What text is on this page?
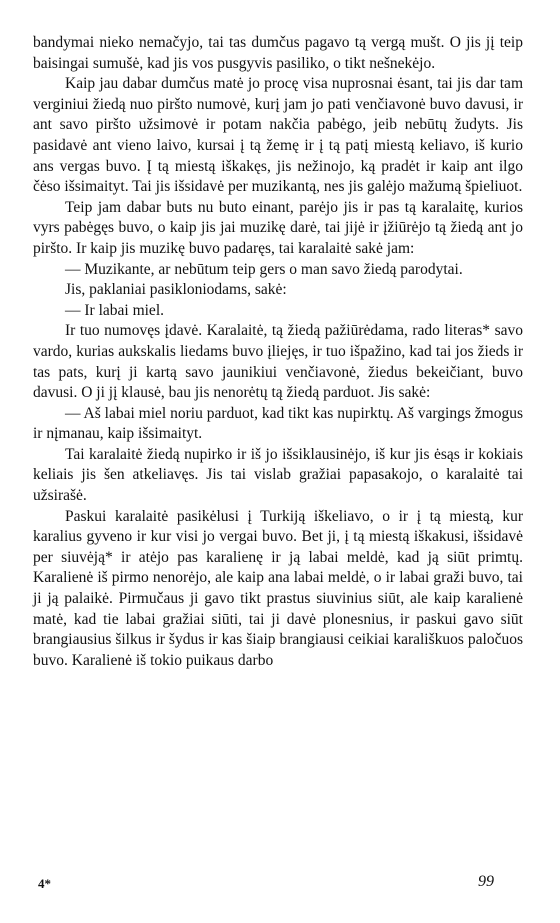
bandymai nieko nemačyjo, tai tas dumčus pagavo tą vergą mušt. O jis jį teip baisingai sumušė, kad jis vos pusgyvis pasiliko, o tikt nešnekėjo.

Kaip jau dabar dumčus matė jo procę visa nuprosnai ėsant, tai jis dar tam verginiui žiedą nuo piršto numovė, kurį jam jo pati venčiavonė buvo davusi, ir ant savo piršto užsimovė ir potam nakčia pabėgo, jeib nebūtų žudyts. Jis pasidavė ant vieno laivo, kursai į tą žemę ir į tą patį miestą keliavo, iš kurio ans vergas buvo. Į tą miestą iškakęs, jis nežinojo, ką pradėt ir kaip ant ilgo čėso išsimaityt. Tai jis išsidavė per muzikantą, nes jis galėjo mažumą špieliuot.

Teip jam dabar buts nu buto einant, parėjo jis ir pas tą karalaitę, kurios vyrs pabėgęs buvo, o kaip jis jai muzikę darė, tai jijė ir įžiūrėjo tą žiedą ant jo piršto. Ir kaip jis muzikę buvo padaręs, tai karalaitė sakė jam:

— Muzikante, ar nebūtum teip gers o man savo žiedą parodytai.

Jis, paklaniai pasikloniodams, sakė:

— Ir labai miel.

Ir tuo numovęs įdavė. Karalaitė, tą žiedą pažiūrėdama, rado literas* savo vardo, kurias aukskalis liedams buvo įliejęs, ir tuo išpažino, kad tai jos žieds ir tas pats, kurį ji kartą savo jaunikiui venčiavonė, žiedus bekeičiant, buvo davusi. O ji jį klausė, bau jis nenorėtų tą žiedą parduot. Jis sakė:

— Aš labai miel noriu parduot, kad tikt kas nupirktų. Aš vargings žmogus ir nįmanau, kaip išsimaityt.

Tai karalaitė žiedą nupirko ir iš jo išsiklausinėjo, iš kur jis ėsąs ir kokiais keliais jis šen atkeliavęs. Jis tai vislab gražiai papasakojo, o karalaitė tai užsirašė.

Paskui karalaitė pasikėlusi į Turkiją iškeliavo, o ir į tą miestą, kur karalius gyveno ir kur visi jo vergai buvo. Bet ji, į tą miestą iškakusi, išsidavė per siuvėją* ir atėjo pas karalienę ir ją labai meldė, kad ją siūt primtų. Karalienė iš pirmo nenorėjo, ale kaip ana labai meldė, o ir labai graži buvo, tai ji ją palaikė. Pirmučaus ji gavo tikt prastus siuvinius siūt, ale kaip karalienė matė, kad tie labai gražiai siūti, tai ji davė plonesnius, ir paskui gavo siūt brangiausius šilkus ir šydus ir kas šiaip brangiausi ceikiai karališkuos paločuos buvo. Karalienė iš tokio puikaus darbo

4*	99
